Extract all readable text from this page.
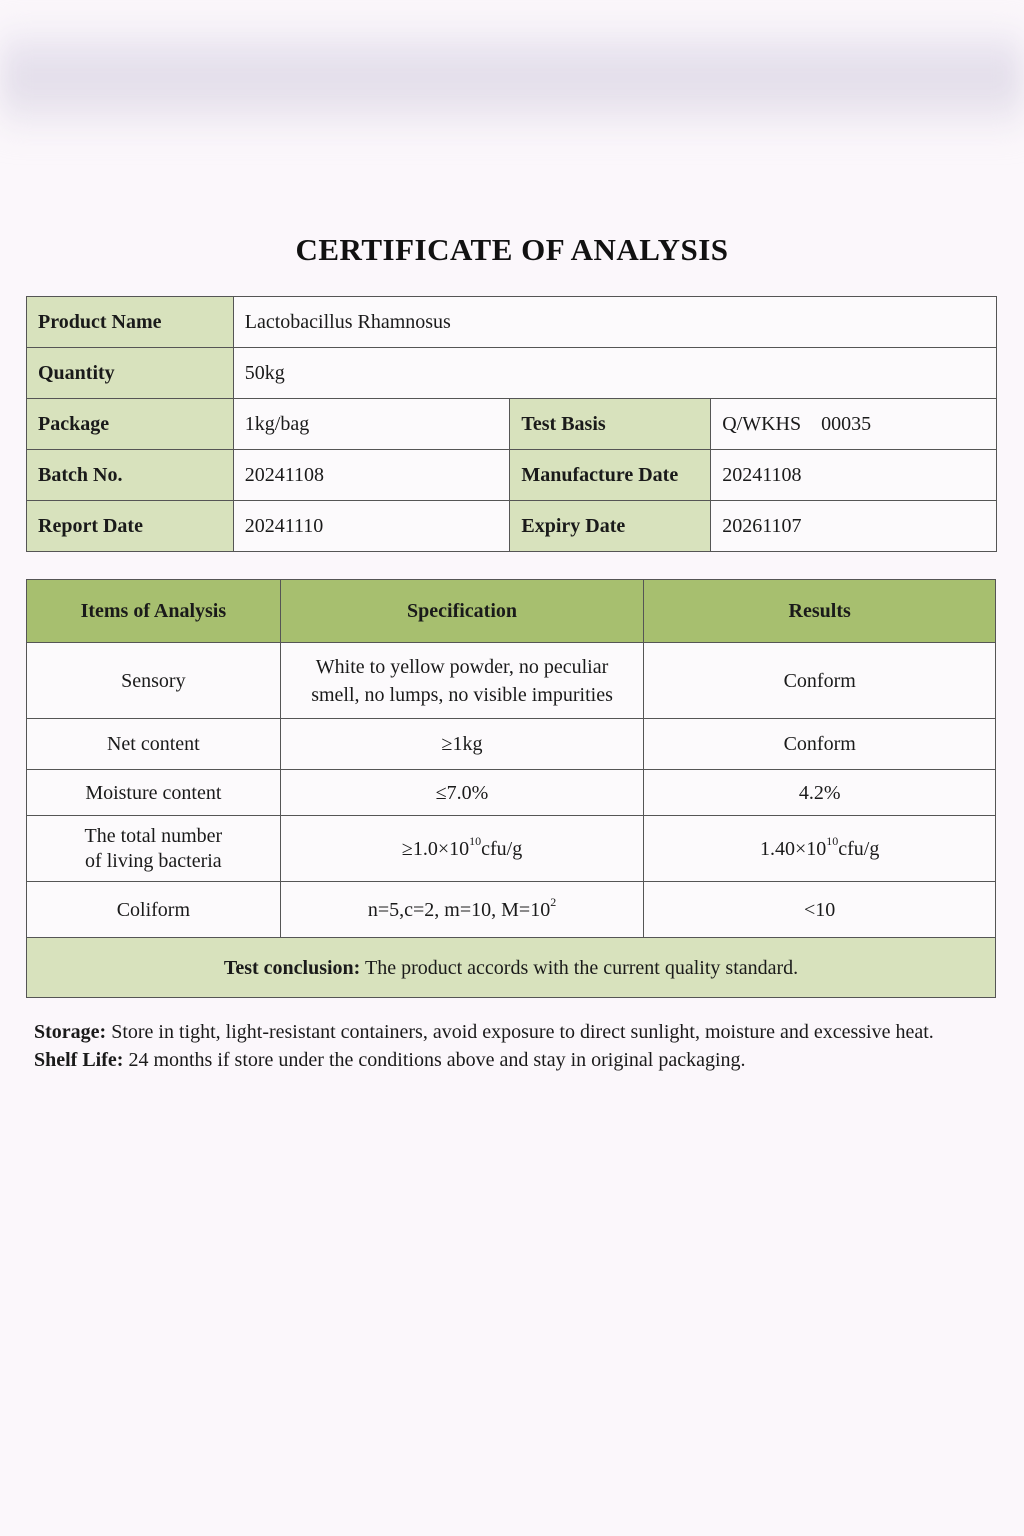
CERTIFICATE OF ANALYSIS
Product Name	Lactobacillus Rhamnosus		
Quantity	50kg		
Package	1kg/bag	Test Basis	Q/WKHS    00035
Batch No.	20241108	Manufacture Date	20241108
Report Date	20241110	Expiry Date	20261107
Items of Analysis	Specification	Results
Sensory	White to yellow powder, no peculiar
smell, no lumps, no visible impurities	Conform
Net content	≥1kg	Conform
Moisture content	≤7.0%	4.2%
The total number
of living bacteria	$\ge 1.0\times 10^{10}cfu/g$	$1.40\times 10^{10}cfu/g$
Coliform	n=5,c=2, m=10, $M=10^2$	<10
Test conclusion: The product accords with the current quality standard.		

Storage: Store in tight, light-resistant containers, avoid exposure to direct sunlight, moisture and excessive heat.

Shelf Life: 24 months if store under the conditions above and stay in original packaging.
